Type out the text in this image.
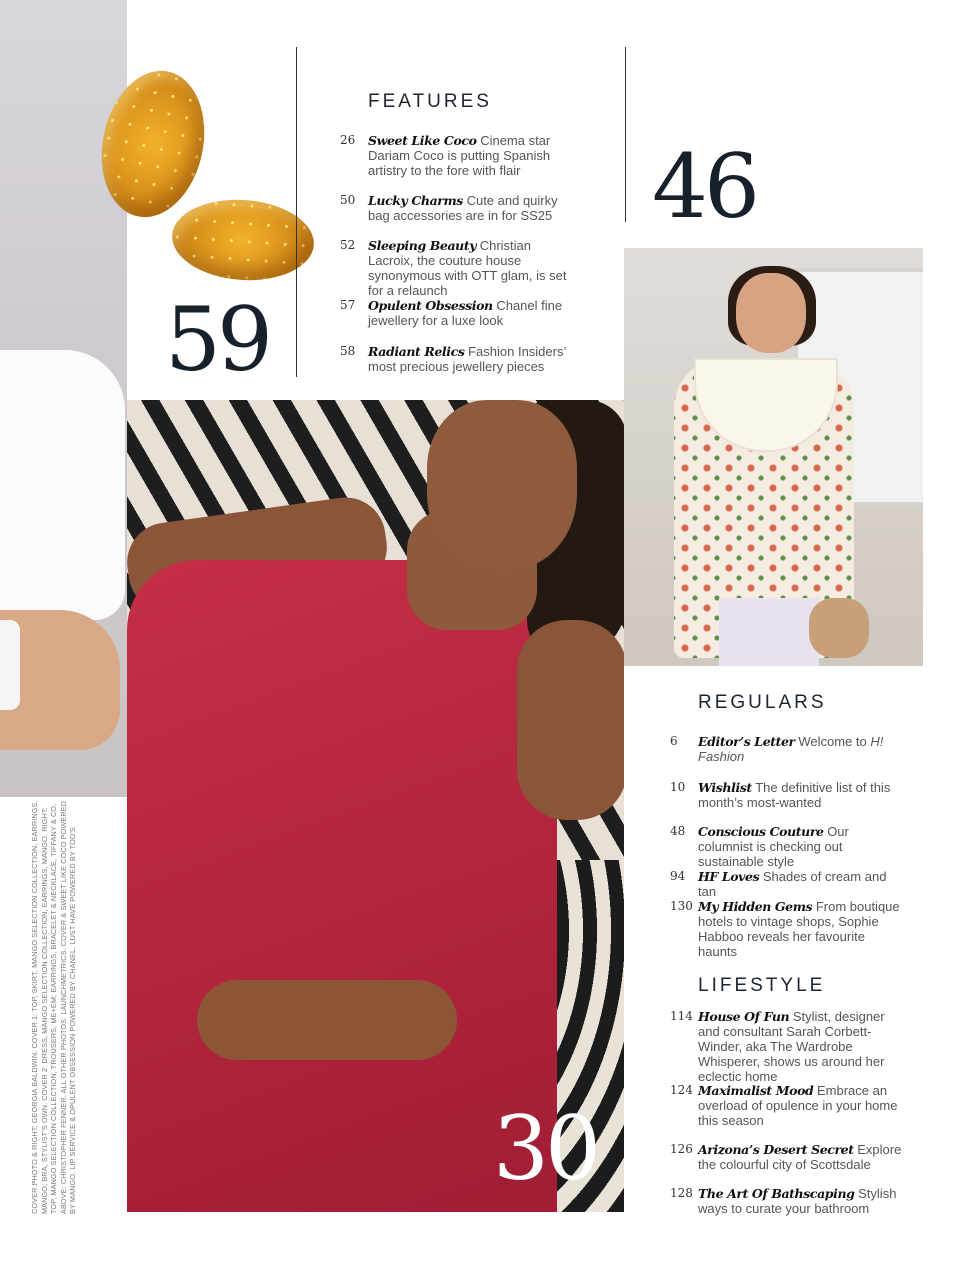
59
FEATURES
26	Sweet Like Coco Cinema star Dariam Coco is putting Spanish artistry to the fore with flair
50	Lucky Charms Cute and quirky bag accessories are in for SS25
52	Sleeping Beauty Christian Lacroix, the couture house synonymous with OTT glam, is set for a relaunch
57	Opulent Obsession Chanel fine jewellery for a luxe look
58	Radiant Relics Fashion Insiders’ most precious jewellery pieces
46
30
COVER PHOTO & RIGHT: GEORGIA BALDWIN. COVER 1: TOP, SKIRT, MANGO SELECTION COLLECTION, EARRINGS, MANGO; BRA, STYLIST’S OWN. COVER 2: DRESS, MANGO SELECTION COLLECTION, EARRINGS, MANGO. RIGHT: TOP, MANGO SELECTION COLLECTION; TROUSERS, ME+EM; EARRINGS, BRACELET & NECKLACE, TIFFANY & CO. ABOVE: CHRISTOPHER FENNER. ALL OTHER PHOTOS: LAUNCHMETRICS. COVER & SWEET LIKE COCO POWERED BY MANGO. LIP SERVICE & OPULENT OBSESSION POWERED BY CHANEL. LUST HAVE POWERED BY TOD’S
REGULARS
6	Editor’s Letter Welcome to H! Fashion
10	Wishlist The definitive list of this month’s most-wanted
48	Conscious Couture Our columnist is checking out sustainable style
94	HF Loves Shades of cream and tan
130 My Hidden Gems From boutique hotels to vintage shops, Sophie Habboo reveals her favourite haunts
LIFESTYLE
114 House Of Fun Stylist, designer and consultant Sarah Corbett-Winder, aka The Wardrobe Whisperer, shows us around her eclectic home
124 Maximalist Mood Embrace an overload of opulence in your home this season
126 Arizona’s Desert Secret Explore the colourful city of Scottsdale
128 The Art Of Bathscaping Stylish ways to curate your bathroom
